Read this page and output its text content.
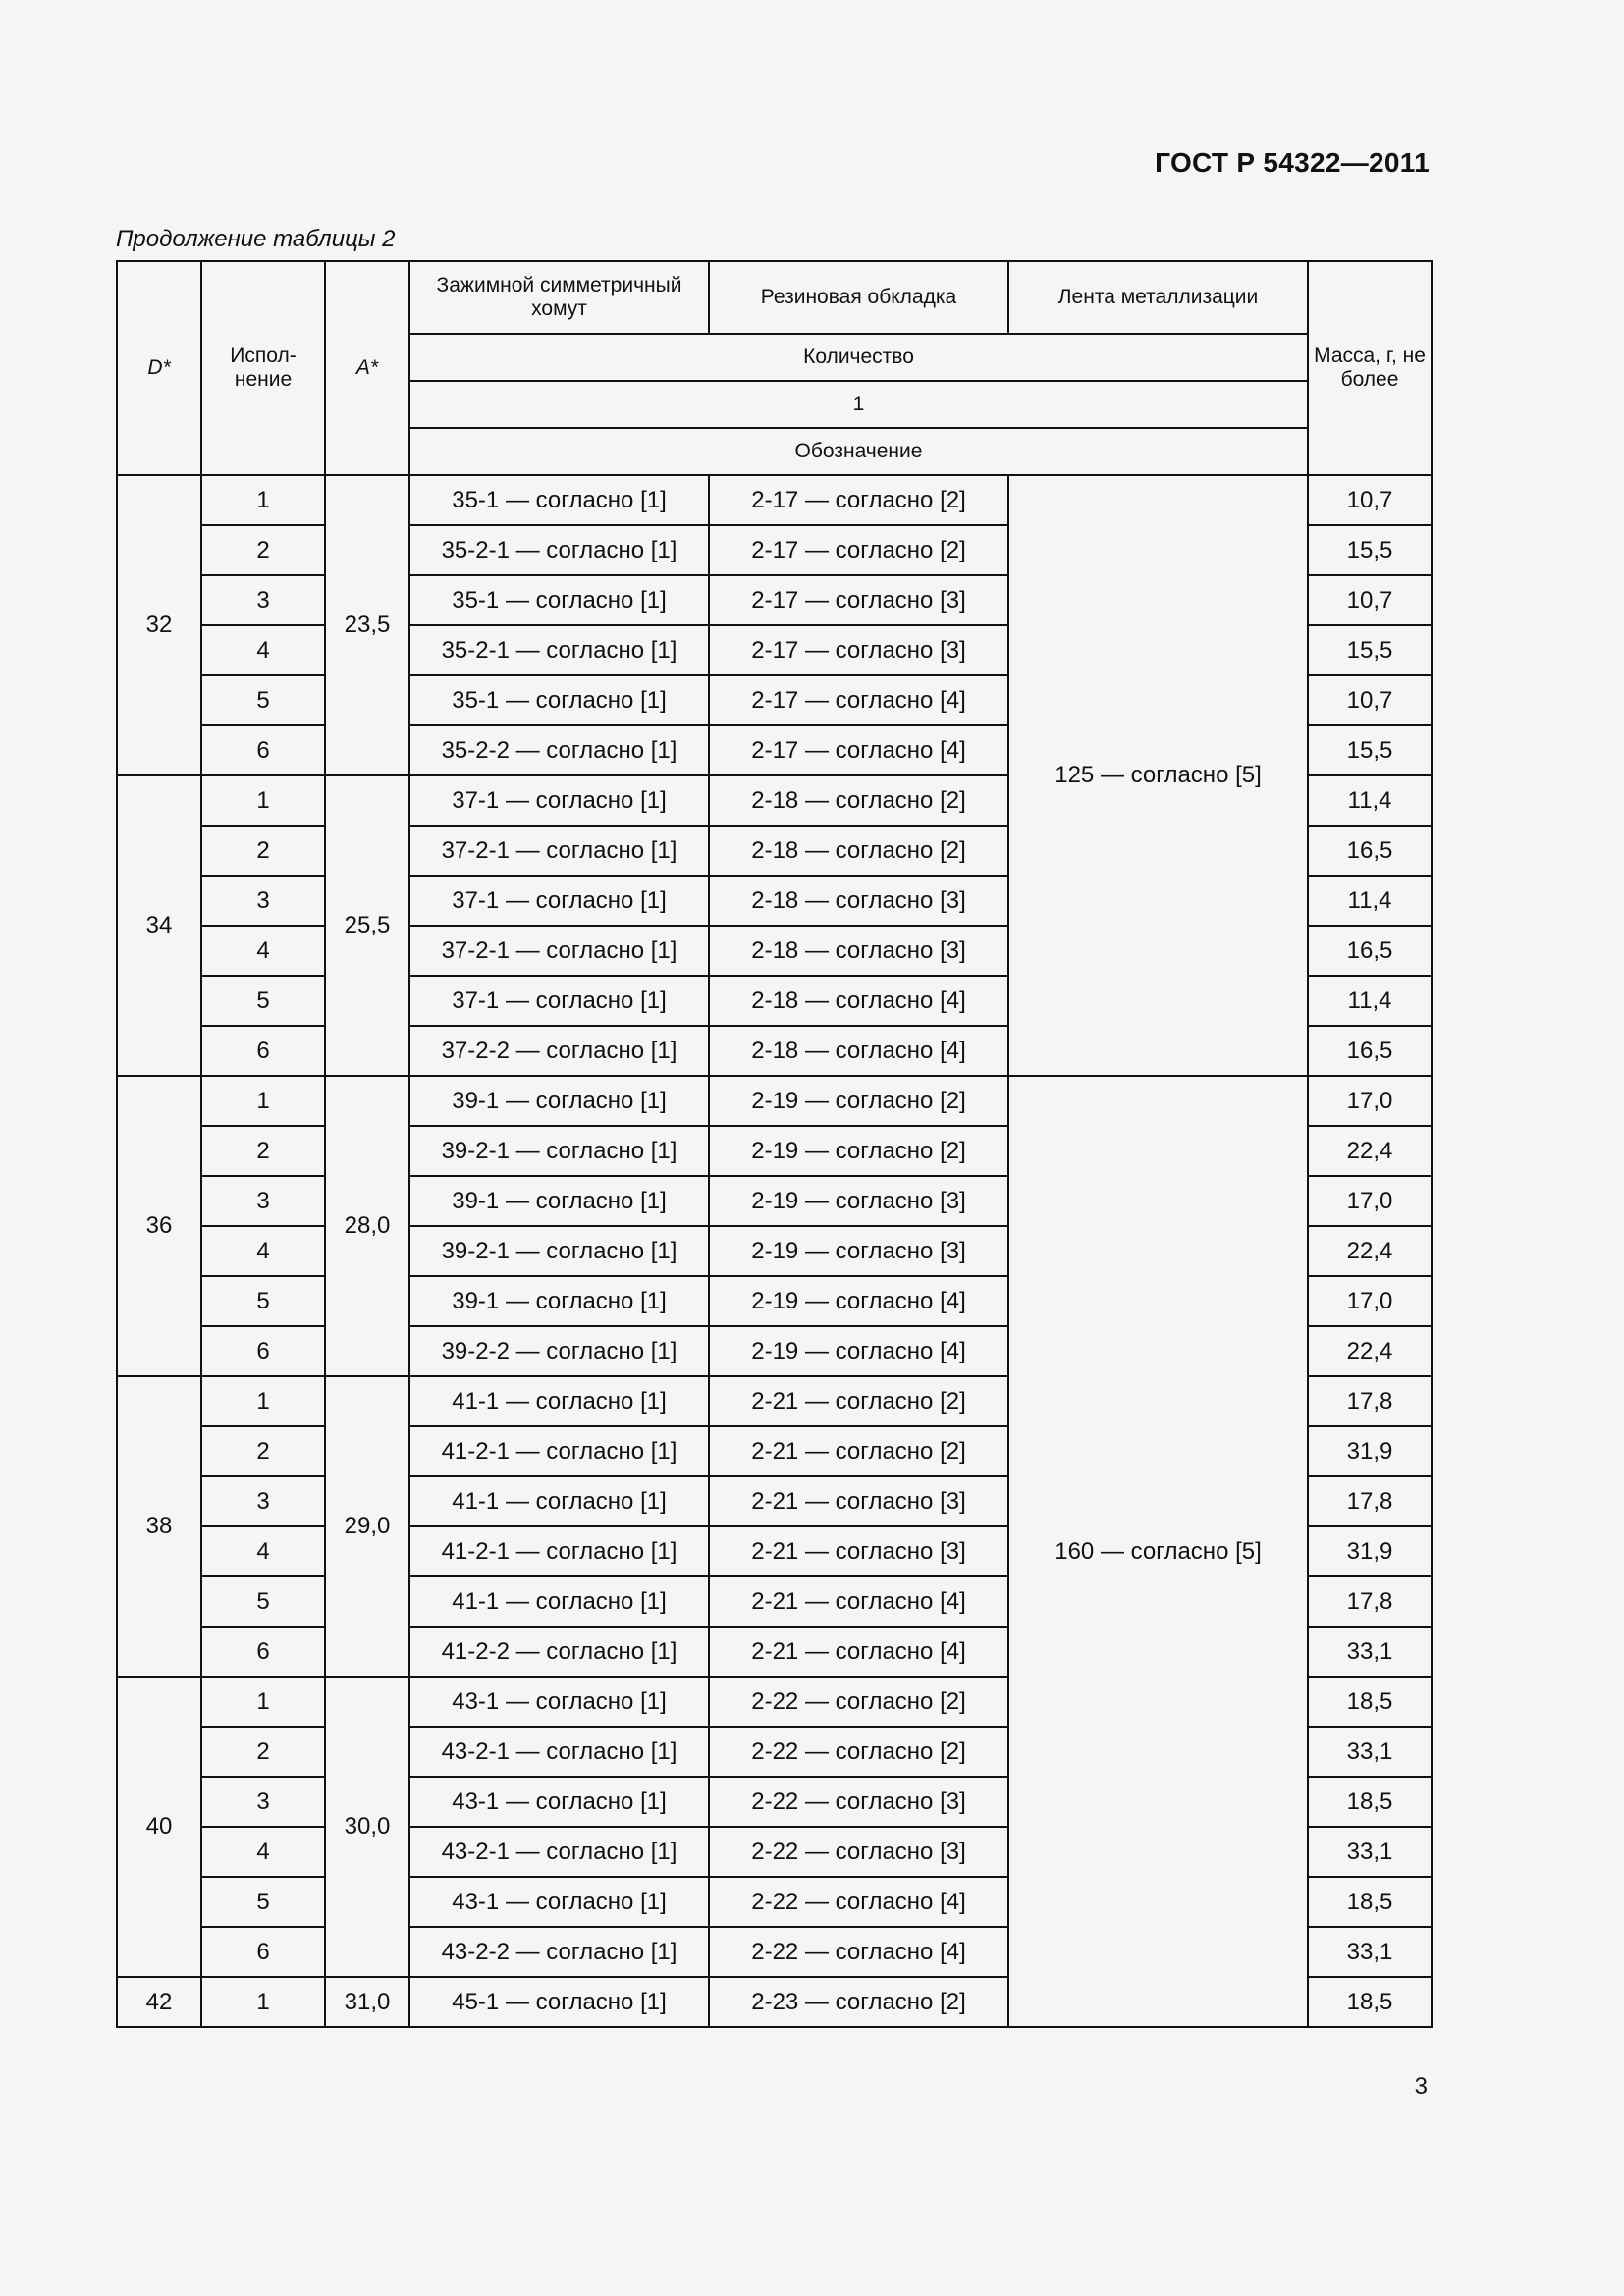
ГОСТ Р 54322—2011
Продолжение таблицы 2
D*	Испол-нение	A*	Зажимной симметричный хомут	Резиновая обкладка	Лента металлизации	Масса, г, не более
			Количество			
			1			
			Обозначение			
32	1	23,5	35-1 — согласно [1]	2-17 — согласно [2]	125 — согласно [5]	10,7
	2		35-2-1 — согласно [1]	2-17 — согласно [2]		15,5
	3		35-1 — согласно [1]	2-17 — согласно [3]		10,7
	4		35-2-1 — согласно [1]	2-17 — согласно [3]		15,5
	5		35-1 — согласно [1]	2-17 — согласно [4]		10,7
	6		35-2-2 — согласно [1]	2-17 — согласно [4]		15,5
34	1	25,5	37-1 — согласно [1]	2-18 — согласно [2]		11,4
	2		37-2-1 — согласно [1]	2-18 — согласно [2]		16,5
	3		37-1 — согласно [1]	2-18 — согласно [3]		11,4
	4		37-2-1 — согласно [1]	2-18 — согласно [3]		16,5
	5		37-1 — согласно [1]	2-18 — согласно [4]		11,4
	6		37-2-2 — согласно [1]	2-18 — согласно [4]		16,5
36	1	28,0	39-1 — согласно [1]	2-19 — согласно [2]	160 — согласно [5]	17,0
	2		39-2-1 — согласно [1]	2-19 — согласно [2]		22,4
	3		39-1 — согласно [1]	2-19 — согласно [3]		17,0
	4		39-2-1 — согласно [1]	2-19 — согласно [3]		22,4
	5		39-1 — согласно [1]	2-19 — согласно [4]		17,0
	6		39-2-2 — согласно [1]	2-19 — согласно [4]		22,4
38	1	29,0	41-1 — согласно [1]	2-21 — согласно [2]		17,8
	2		41-2-1 — согласно [1]	2-21 — согласно [2]		31,9
	3		41-1 — согласно [1]	2-21 — согласно [3]		17,8
	4		41-2-1 — согласно [1]	2-21 — согласно [3]		31,9
	5		41-1 — согласно [1]	2-21 — согласно [4]		17,8
	6		41-2-2 — согласно [1]	2-21 — согласно [4]		33,1
40	1	30,0	43-1 — согласно [1]	2-22 — согласно [2]		18,5
	2		43-2-1 — согласно [1]	2-22 — согласно [2]		33,1
	3		43-1 — согласно [1]	2-22 — согласно [3]		18,5
	4		43-2-1 — согласно [1]	2-22 — согласно [3]		33,1
	5		43-1 — согласно [1]	2-22 — согласно [4]		18,5
	6		43-2-2 — согласно [1]	2-22 — согласно [4]		33,1
42	1	31,0	45-1 — согласно [1]	2-23 — согласно [2]		18,5
3
